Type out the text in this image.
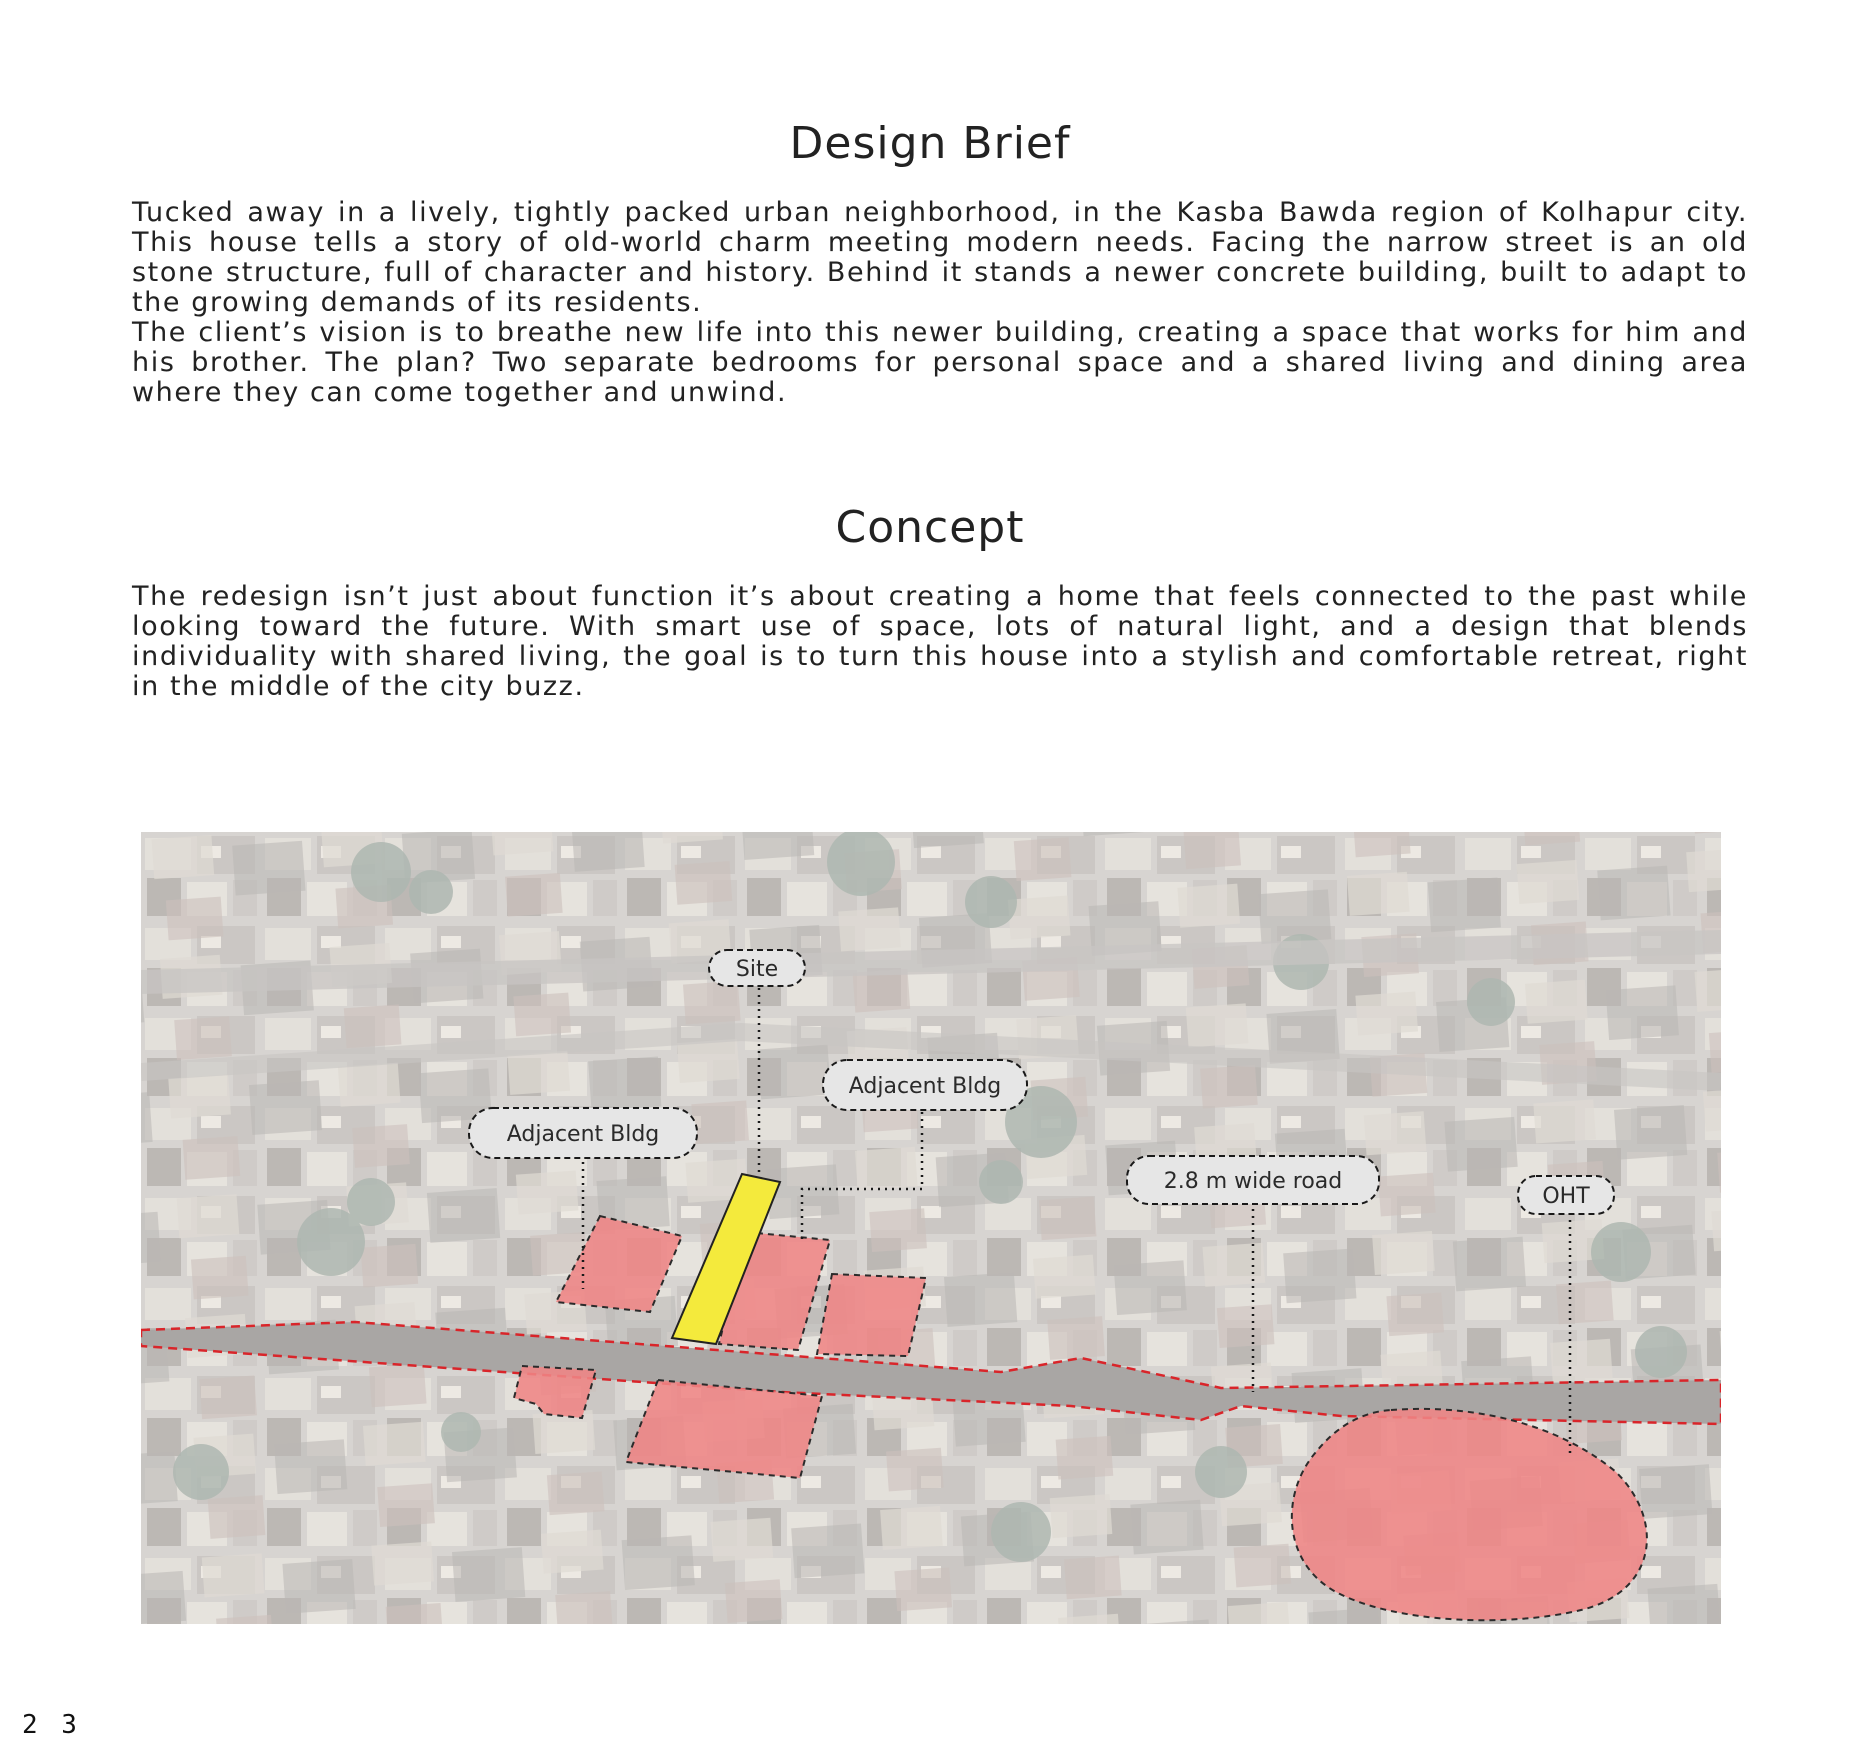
Design Brief

Tucked away in a lively, tightly packed urban neighborhood, in the Kasba Bawda region of Kolhapur city. This house tells a story of old-world charm meeting modern needs. Facing the narrow street is an old stone structure, full of character and history. Behind it stands a newer concrete building, built to adapt to the growing demands of its residents.

The client’s vision is to breathe new life into this newer building, creating a space that works for him and his brother. The plan? Two separate bedrooms for personal space and a shared living and dining area where they can come together and unwind.

Concept

The redesign isn’t just about function it’s about creating a home that feels connected to the past while looking toward the future. With smart use of space, lots of natural light, and a design that blends individuality with shared living, the goal is to turn this house into a stylish and comfortable retreat, right in the middle of the city buzz.

Site
Adjacent Bldg
Adjacent Bldg
2.8 m wide road
OHT
2 3
